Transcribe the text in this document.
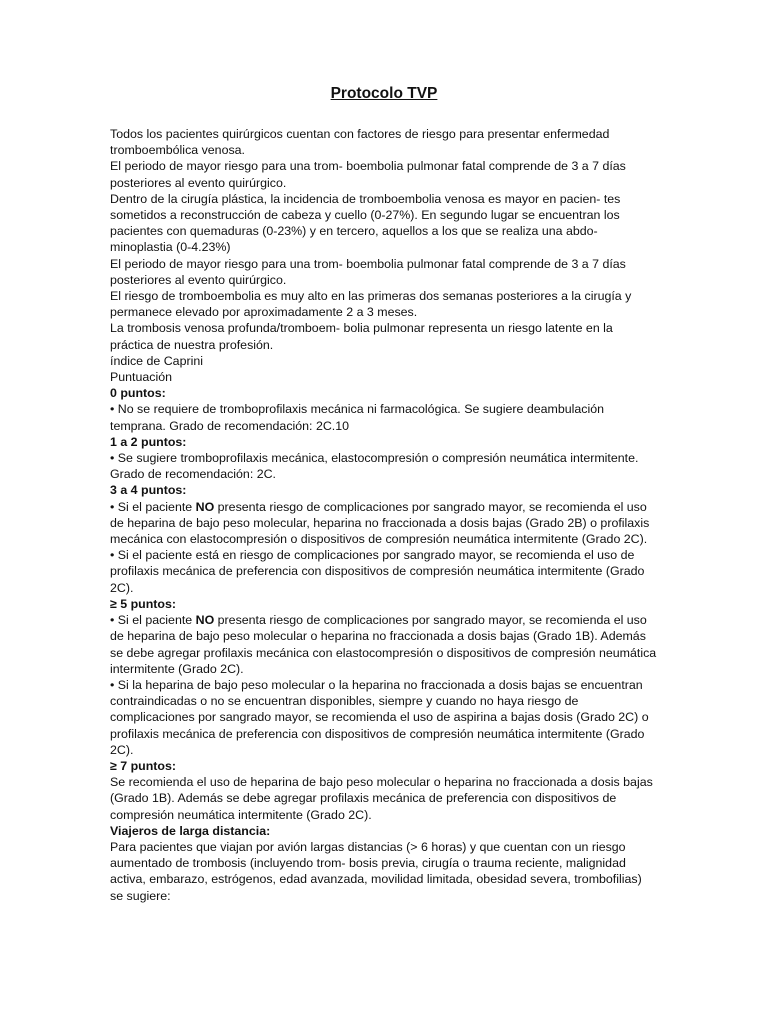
Protocolo TVP

Todos los pacientes quirúrgicos cuentan con factores de riesgo para presentar enfermedad tromboembólica venosa.

El periodo de mayor riesgo para una trom- boembolia pulmonar fatal comprende de 3 a 7 días posteriores al evento quirúrgico.

Dentro de la cirugía plástica, la incidencia de tromboembolia venosa es mayor en pacien- tes sometidos a reconstrucción de cabeza y cuello (0-27%). En segundo lugar se encuentran los pacientes con quemaduras (0-23%) y en tercero, aquellos a los que se realiza una abdo- minoplastia (0-4.23%)

El periodo de mayor riesgo para una trom- boembolia pulmonar fatal comprende de 3 a 7 días posteriores al evento quirúrgico.

El riesgo de tromboembolia es muy alto en las primeras dos semanas posteriores a la cirugía y permanece elevado por aproximadamente 2 a 3 meses.

La trombosis venosa profunda/tromboem- bolia pulmonar representa un riesgo latente en la práctica de nuestra profesión.

índice de Caprini

Puntuación

0 puntos:

• No se requiere de tromboprofilaxis mecánica ni farmacológica. Se sugiere deambulación temprana. Grado de recomendación: 2C.10

1 a 2 puntos:

• Se sugiere tromboprofilaxis mecánica, elastocompresión o compresión neumática intermitente. Grado de recomendación: 2C.

3 a 4 puntos:

• Si el paciente NO presenta riesgo de complicaciones por sangrado mayor, se recomienda el uso de heparina de bajo peso molecular, heparina no fraccionada a dosis bajas (Grado 2B) o profilaxis mecánica con elastocompresión o dispositivos de compresión neumática intermitente (Grado 2C).

• Si el paciente está en riesgo de complicaciones por sangrado mayor, se recomienda el uso de profilaxis mecánica de preferencia con dispositivos de compresión neumática intermitente (Grado 2C).

≥ 5 puntos:

• Si el paciente NO presenta riesgo de complicaciones por sangrado mayor, se recomienda el uso de heparina de bajo peso molecular o heparina no fraccionada a dosis bajas (Grado 1B). Además se debe agregar profilaxis mecánica con elastocompresión o dispositivos de compresión neumática intermitente (Grado 2C).

• Si la heparina de bajo peso molecular o la heparina no fraccionada a dosis bajas se encuentran contraindicadas o no se encuentran disponibles, siempre y cuando no haya riesgo de complicaciones por sangrado mayor, se recomienda el uso de aspirina a bajas dosis (Grado 2C) o profilaxis mecánica de preferencia con dispositivos de compresión neumática intermitente (Grado 2C).

≥ 7 puntos:

Se recomienda el uso de heparina de bajo peso molecular o heparina no fraccionada a dosis bajas (Grado 1B). Además se debe agregar profilaxis mecánica de preferencia con dispositivos de compresión neumática intermitente (Grado 2C).

Viajeros de larga distancia:

Para pacientes que viajan por avión largas distancias (> 6 horas) y que cuentan con un riesgo aumentado de trombosis (incluyendo trom- bosis previa, cirugía o trauma reciente, malignidad activa, embarazo, estrógenos, edad avanzada, movilidad limitada, obesidad severa, trombofilias) se sugiere:
